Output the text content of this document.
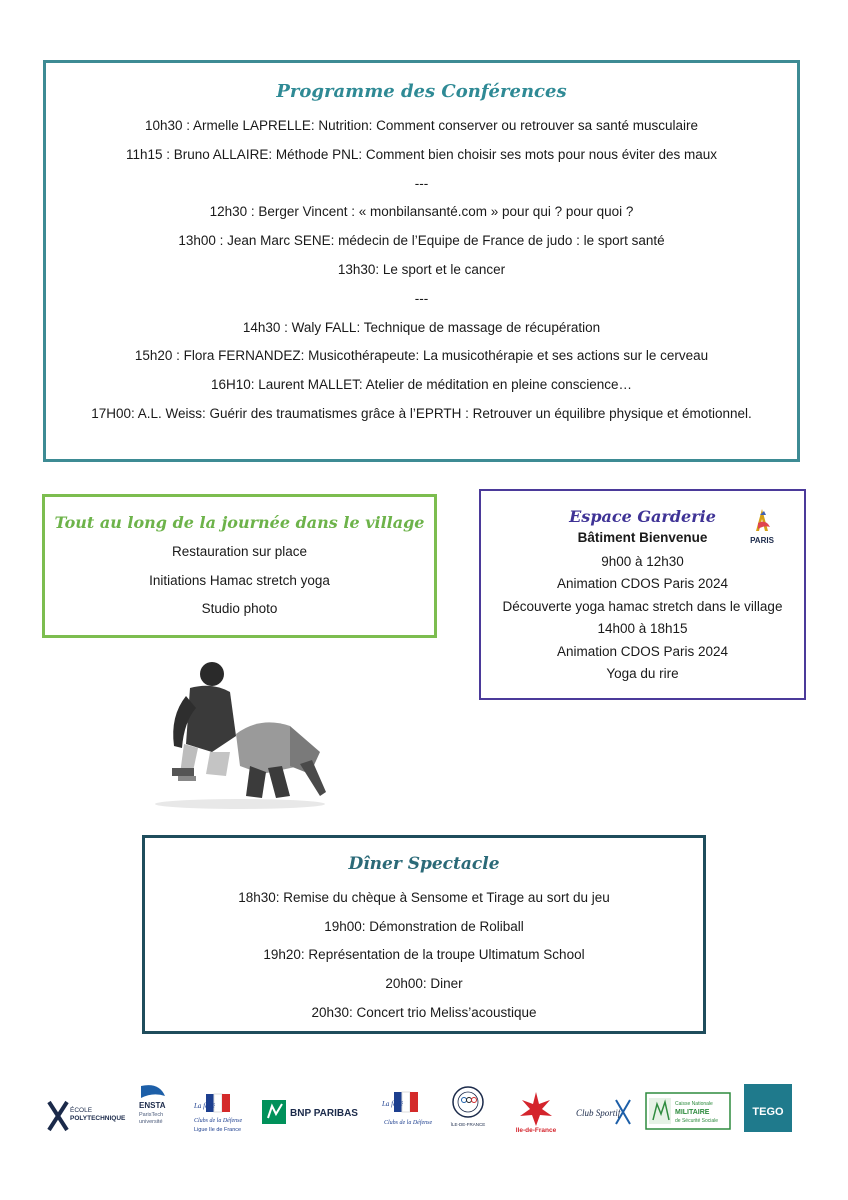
Programme des Conférences
10h30 : Armelle LAPRELLE: Nutrition: Comment conserver ou retrouver sa santé musculaire
11h15 : Bruno ALLAIRE: Méthode PNL: Comment bien choisir ses mots pour nous éviter des maux
---
12h30 : Berger Vincent : « monbilansanté.com » pour qui ? pour quoi ?
13h00 : Jean Marc SENE: médecin de l’Equipe de France de judo : le sport santé
13h30: Le sport et le cancer
---
14h30 : Waly FALL: Technique de massage de récupération
15h20 : Flora FERNANDEZ: Musicothérapeute: La musicothérapie et ses actions sur le cerveau
16H10: Laurent MALLET: Atelier de méditation en pleine conscience…
17H00: A.L. Weiss: Guérir des traumatismes grâce à l’EPRTH : Retrouver un équilibre physique et émotionnel.
Tout au long de la journée dans le village
Restauration sur place
Initiations Hamac stretch yoga
Studio photo
Espace Garderie
Bâtiment Bienvenue
9h00 à 12h30
Animation CDOS Paris 2024
Découverte yoga hamac stretch dans le village
14h00 à 18h15
Animation CDOS Paris 2024
Yoga du rire
PARIS
Dîner Spectacle
18h30: Remise du chèque à Sensome et Tirage au sort du jeu
19h00: Démonstration de Roliball
19h20: Représentation de la troupe Ultimatum School
20h00: Diner
20h30: Concert trio Meliss’acoustique
ÉCOLE
POLYTECHNIQUE
ENSTA
ParisTech
université
La fédé
Clubs de la Défense
Ligue Ile de France
BNP PARIBAS
La fédé
Clubs de la Défense	ÎLE-DE-FRANCE
Ile-de-France
Club Sportif
Caisse Nationale
MILITAIRE
de Sécurité Sociale
TEGO
